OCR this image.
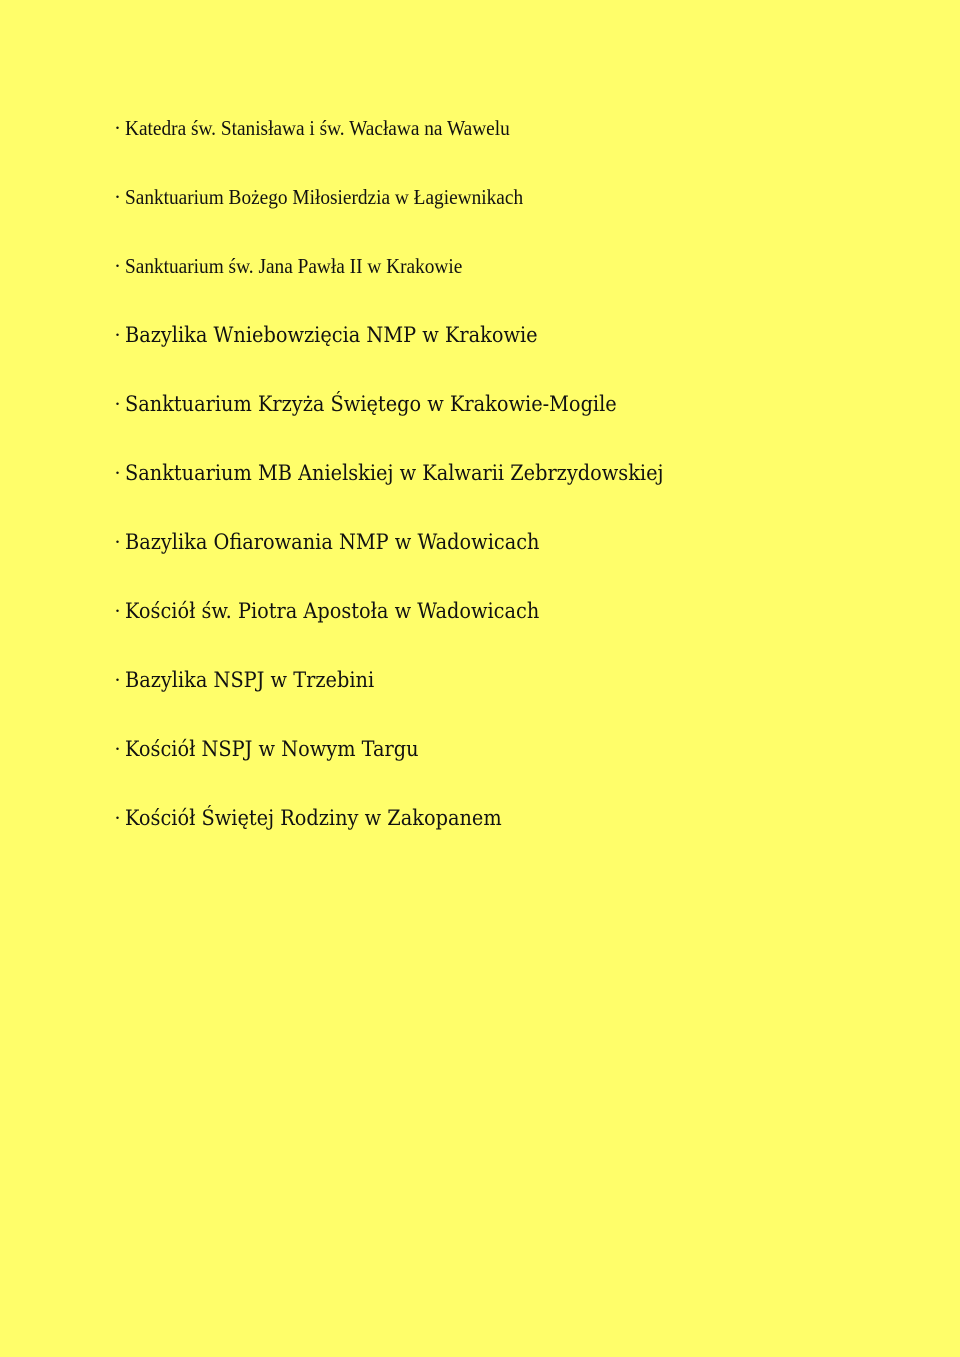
· Katedra św. Stanisława i św. Wacława na Wawelu
· Sanktuarium Bożego Miłosierdzia w Łagiewnikach
· Sanktuarium św. Jana Pawła II w Krakowie
· Bazylika Wniebowzięcia NMP w Krakowie
· Sanktuarium Krzyża Świętego w Krakowie-Mogile
· Sanktuarium MB Anielskiej w Kalwarii Zebrzydowskiej
· Bazylika Ofiarowania NMP w Wadowicach
· Kościół św. Piotra Apostoła w Wadowicach
· Bazylika NSPJ w Trzebini
· Kościół NSPJ w Nowym Targu
· Kościół Świętej Rodziny w Zakopanem
